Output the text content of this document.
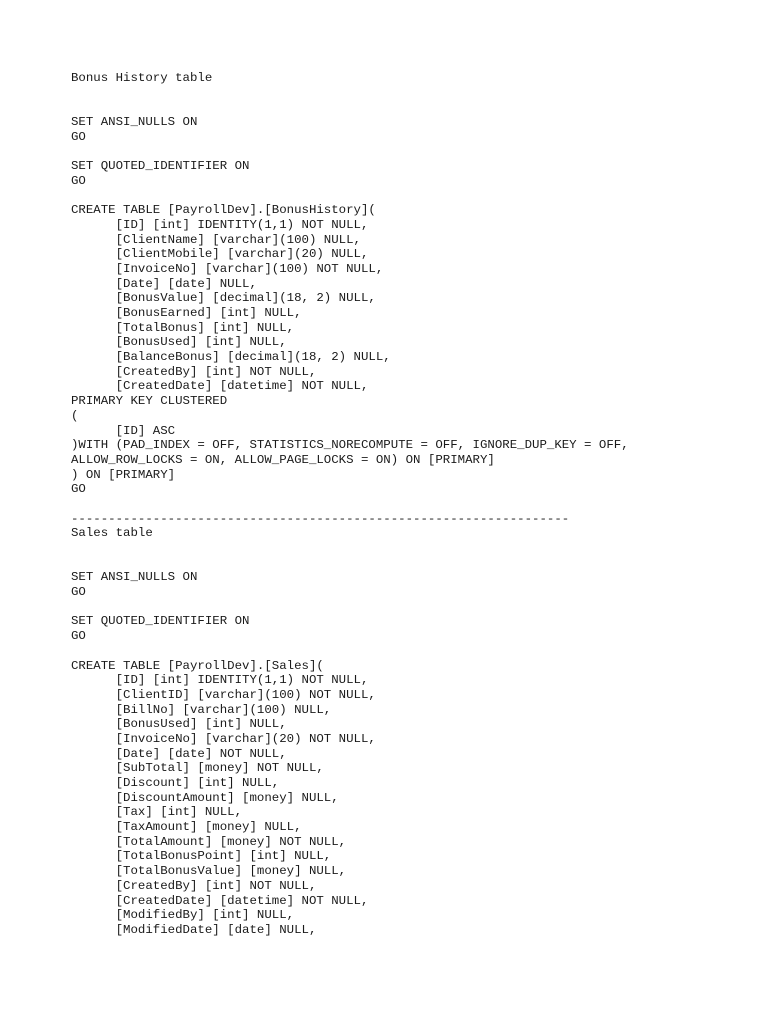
Bonus History table
SET ANSI_NULLS ON
GO
SET QUOTED_IDENTIFIER ON
GO
CREATE TABLE [PayrollDev].[BonusHistory](
[ID] [int] IDENTITY(1,1) NOT NULL,
[ClientName] [varchar](100) NULL,
[ClientMobile] [varchar](20) NULL,
[InvoiceNo] [varchar](100) NOT NULL,
[Date] [date] NULL,
[BonusValue] [decimal](18, 2) NULL,
[BonusEarned] [int] NULL,
[TotalBonus] [int] NULL,
[BonusUsed] [int] NULL,
[BalanceBonus] [decimal](18, 2) NULL,
[CreatedBy] [int] NOT NULL,
[CreatedDate] [datetime] NOT NULL,
PRIMARY KEY CLUSTERED
(
[ID] ASC
)WITH (PAD_INDEX = OFF, STATISTICS_NORECOMPUTE = OFF, IGNORE_DUP_KEY = OFF,
ALLOW_ROW_LOCKS = ON, ALLOW_PAGE_LOCKS = ON) ON [PRIMARY]
) ON [PRIMARY]
GO
-------------------------------------------------------------------
Sales table
SET ANSI_NULLS ON
GO
SET QUOTED_IDENTIFIER ON
GO
CREATE TABLE [PayrollDev].[Sales](
[ID] [int] IDENTITY(1,1) NOT NULL,
[ClientID] [varchar](100) NOT NULL,
[BillNo] [varchar](100) NULL,
[BonusUsed] [int] NULL,
[InvoiceNo] [varchar](20) NOT NULL,
[Date] [date] NOT NULL,
[SubTotal] [money] NOT NULL,
[Discount] [int] NULL,
[DiscountAmount] [money] NULL,
[Tax] [int] NULL,
[TaxAmount] [money] NULL,
[TotalAmount] [money] NOT NULL,
[TotalBonusPoint] [int] NULL,
[TotalBonusValue] [money] NULL,
[CreatedBy] [int] NOT NULL,
[CreatedDate] [datetime] NOT NULL,
[ModifiedBy] [int] NULL,
[ModifiedDate] [date] NULL,
